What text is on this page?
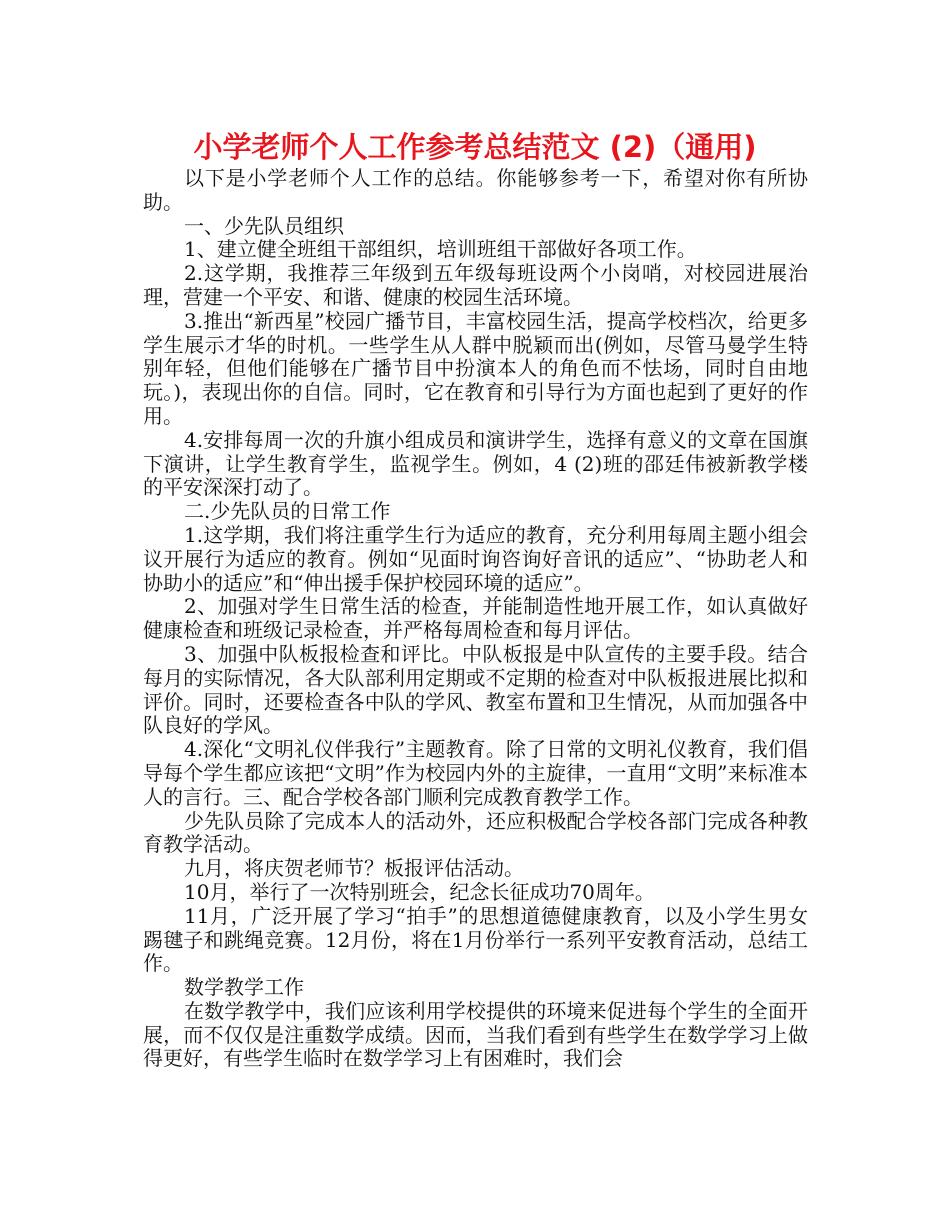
小学老师个人工作参考总结范文 (2)（通用)

以下是小学老师个人工作的总结。你能够参考一下，希望对你有所协助。

一、少先队员组织

1、建立健全班组干部组织，培训班组干部做好各项工作。

2.这学期，我推荐三年级到五年级每班设两个小岗哨，对校园进展治理，营建一个平安、和谐、健康的校园生活环境。

3.推出“新西星”校园广播节目，丰富校园生活，提高学校档次，给更多学生展示才华的时机。一些学生从人群中脱颖而出(例如，尽管马曼学生特别年轻，但他们能够在广播节目中扮演本人的角色而不怯场，同时自由地玩。)，表现出你的自信。同时，它在教育和引导行为方面也起到了更好的作用。

4.安排每周一次的升旗小组成员和演讲学生，选择有意义的文章在国旗下演讲，让学生教育学生，监视学生。例如，4 (2)班的邵廷伟被新教学楼的平安深深打动了。

二.少先队员的日常工作

1.这学期，我们将注重学生行为适应的教育，充分利用每周主题小组会议开展行为适应的教育。例如“见面时询咨询好音讯的适应”、“协助老人和协助小的适应”和“伸出援手保护校园环境的适应”。

2、加强对学生日常生活的检查，并能制造性地开展工作，如认真做好健康检查和班级记录检查，并严格每周检查和每月评估。

3、加强中队板报检查和评比。中队板报是中队宣传的主要手段。结合每月的实际情况，各大队部利用定期或不定期的检查对中队板报进展比拟和评价。同时，还要检查各中队的学风、教室布置和卫生情况，从而加强各中队良好的学风。

4.深化“文明礼仪伴我行”主题教育。除了日常的文明礼仪教育，我们倡导每个学生都应该把“文明”作为校园内外的主旋律，一直用“文明”来标准本人的言行。三、配合学校各部门顺利完成教育教学工作。

少先队员除了完成本人的活动外，还应积极配合学校各部门完成各种教育教学活动。

九月，将庆贺老师节？板报评估活动。

10月，举行了一次特别班会，纪念长征成功70周年。

11月，广泛开展了学习“拍手”的思想道德健康教育，以及小学生男女踢毽子和跳绳竞赛。12月份，将在1月份举行一系列平安教育活动，总结工作。

数学教学工作

在数学教学中，我们应该利用学校提供的环境来促进每个学生的全面开展，而不仅仅是注重数学成绩。因而，当我们看到有些学生在数学学习上做得更好，有些学生临时在数学学习上有困难时，我们会
